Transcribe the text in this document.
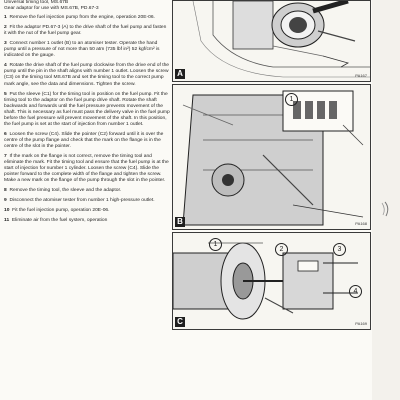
Universal timing tool, MS.67B
Gear adaptor for use with MS.67B, PD.67-3
1 Remove the fuel injection pump from the engine, operation 20E-06.
2 Fit the adaptor PD.67-3 (A) to the drive shaft of the fuel pump and fasten it with the nut of the fuel pump gear.
3 Connect number 1 outlet (B) to an atomiser tester. Operate the hand pump until a pressure of not more than 50 atm (735 lbf in²) 52 kgf/cm² is indicated on the gauge.
4 Rotate the drive shaft of the fuel pump clockwise from the drive end of the pump until the pin in the shaft aligns with number 1 outlet. Loosen the screw (C3) on the timing tool MS.67B and set the timing tool to the correct pump mark angle, see the data and dimensions. Tighten the screw.
5 Put the sleeve (C1) for the timing tool in position on the fuel pump. Fit the timing tool to the adaptor on the fuel pump drive shaft. Rotate the shaft backwards and forwards until the fuel pressure prevents movement of the shaft. This is necessary as fuel must pass the delivery valve in the fuel pump before the fuel pressure will prevent movement of the shaft. In this position, the fuel pump is set at the start of injection from number 1 outlet.
6 Loosen the screw (C4). Slide the pointer (C2) forward until it is over the centre of the pump flange and check that the mark on the flange is in the centre of the slot in the pointer.
7 If the mark on the flange is not correct, remove the timing tool and eliminate the mark. Fit the timing tool and ensure that the fuel pump is at the start of injection for number 1 cylinder. Loosen the screw (C4). Slide the pointer forward to the complete width of the flange and tighten the screw. Make a new mark on the flange of the pump through the slot in the pointer.
8 Remove the timing tool, the sleeve and the adaptor.
9 Disconnect the atomiser tester from number 1 high-pressure outlet.
10 Fit the fuel injection pump, operation 20E-06.
11 Eliminate air from the fuel system, operation
A	PA167
1
B	PA168
1
2	3
4
C	PA169
